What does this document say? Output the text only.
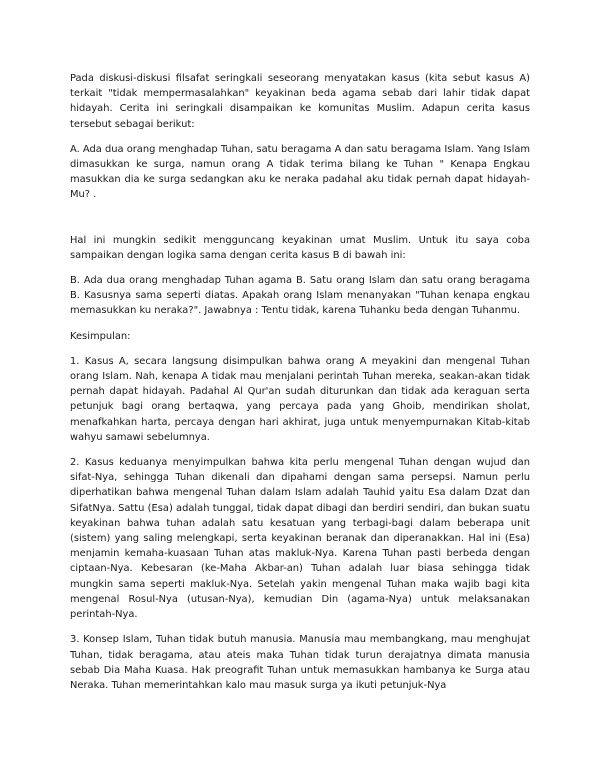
Pada diskusi-diskusi filsafat seringkali seseorang menyatakan kasus (kita sebut kasus A) terkait "tidak mempermasalahkan" keyakinan beda agama sebab dari lahir tidak dapat hidayah. Cerita ini seringkali disampaikan ke komunitas Muslim. Adapun cerita kasus tersebut sebagai berikut:

A. Ada dua orang menghadap Tuhan, satu beragama A dan satu beragama Islam. Yang Islam dimasukkan ke surga, namun orang A tidak terima bilang ke Tuhan " Kenapa Engkau masukkan dia ke surga sedangkan aku ke neraka padahal aku tidak pernah dapat hidayah-Mu? .

Hal ini mungkin sedikit mengguncang keyakinan umat Muslim. Untuk itu saya coba sampaikan dengan logika sama dengan cerita kasus B di bawah ini:

B. Ada dua orang menghadap Tuhan agama B. Satu orang Islam dan satu orang beragama B. Kasusnya sama seperti diatas. Apakah orang Islam menanyakan "Tuhan kenapa engkau memasukkan ku neraka?". Jawabnya : Tentu tidak, karena Tuhanku beda dengan Tuhanmu.

Kesimpulan:

1. Kasus A, secara langsung disimpulkan bahwa orang A meyakini dan mengenal Tuhan orang Islam. Nah, kenapa A tidak mau menjalani perintah Tuhan mereka, seakan-akan tidak pernah dapat hidayah. Padahal Al Qur'an sudah diturunkan dan tidak ada keraguan serta petunjuk bagi orang bertaqwa, yang percaya pada yang Ghoib, mendirikan sholat, menafkahkan harta, percaya dengan hari akhirat, juga untuk menyempurnakan Kitab-kitab wahyu samawi sebelumnya.

2. Kasus keduanya menyimpulkan bahwa kita perlu mengenal Tuhan dengan wujud dan sifat-Nya, sehingga Tuhan dikenali dan dipahami dengan sama persepsi. Namun perlu diperhatikan bahwa mengenal Tuhan dalam Islam adalah Tauhid yaitu Esa dalam Dzat dan SifatNya. Sattu (Esa) adalah tunggal, tidak dapat dibagi dan berdiri sendiri, dan bukan suatu keyakinan bahwa tuhan adalah satu kesatuan yang terbagi-bagi dalam beberapa unit (sistem) yang saling melengkapi, serta keyakinan beranak dan diperanakkan. Hal ini (Esa) menjamin kemaha-kuasaan Tuhan atas makluk-Nya. Karena Tuhan pasti berbeda dengan ciptaan-Nya. Kebesaran (ke-Maha Akbar-an) Tuhan adalah luar biasa sehingga tidak mungkin sama seperti makluk-Nya. Setelah yakin mengenal Tuhan maka wajib bagi kita mengenal Rosul-Nya (utusan-Nya), kemudian Din (agama-Nya) untuk melaksanakan perintah-Nya.

3. Konsep Islam, Tuhan tidak butuh manusia. Manusia mau membangkang, mau menghujat Tuhan, tidak beragama, atau ateis maka Tuhan tidak turun derajatnya dimata manusia sebab Dia Maha Kuasa. Hak preografit Tuhan untuk memasukkan hambanya ke Surga atau Neraka. Tuhan memerintahkan kalo mau masuk surga ya ikuti petunjuk-Nya
